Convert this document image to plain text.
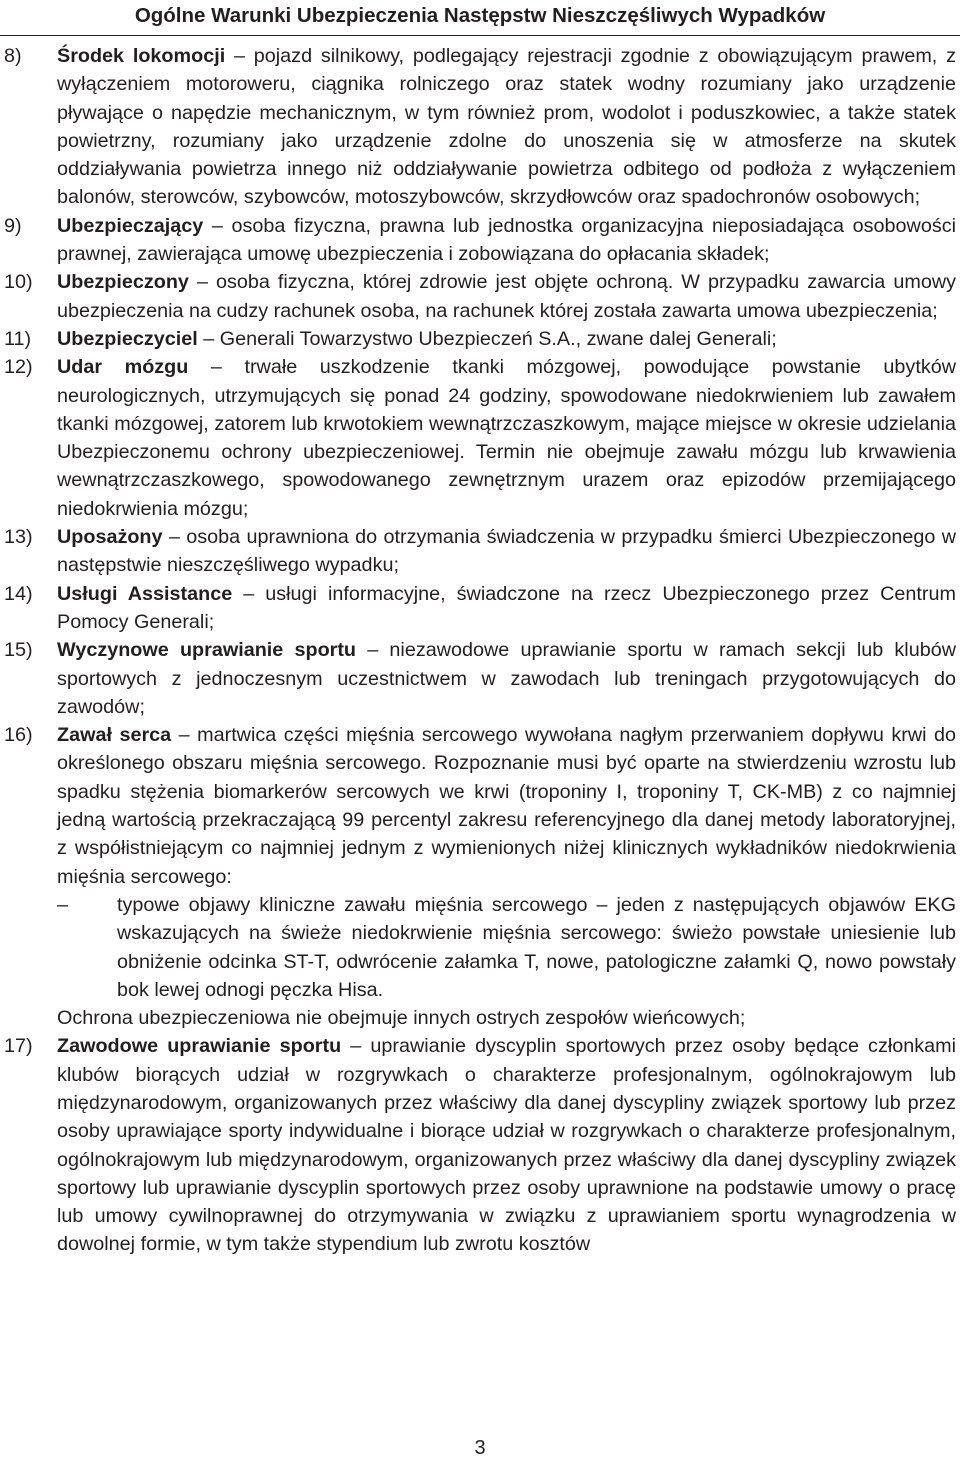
Ogólne Warunki Ubezpieczenia Następstw Nieszczęśliwych Wypadków
8) Środek lokomocji – pojazd silnikowy, podlegający rejestracji zgodnie z obowiązującym prawem, z wyłączeniem motoroweru, ciągnika rolniczego oraz statek wodny rozumiany jako urządzenie pływające o napędzie mechanicznym, w tym również prom, wodolot i poduszkowiec, a także statek powietrzny, rozumiany jako urządzenie zdolne do unoszenia się w atmosferze na skutek oddziaływania powietrza innego niż oddziaływanie powietrza odbitego od podłoża z wyłączeniem balonów, sterowców, szybowców, motoszybowców, skrzydłowców oraz spadochronów osobowych;
9) Ubezpieczający – osoba fizyczna, prawna lub jednostka organizacyjna nieposiadająca osobowości prawnej, zawierająca umowę ubezpieczenia i zobowiązana do opłacania składek;
10) Ubezpieczony – osoba fizyczna, której zdrowie jest objęte ochroną. W przypadku zawarcia umowy ubezpieczenia na cudzy rachunek osoba, na rachunek której została zawarta umowa ubezpieczenia;
11) Ubezpieczyciel – Generali Towarzystwo Ubezpieczeń S.A., zwane dalej Generali;
12) Udar mózgu – trwałe uszkodzenie tkanki mózgowej, powodujące powstanie ubytków neurologicznych, utrzymujących się ponad 24 godziny, spowodowane niedokrwieniem lub zawałem tkanki mózgowej, zatorem lub krwotokiem wewnątrzczaszkowym, mające miejsce w okresie udzielania Ubezpieczonemu ochrony ubezpieczeniowej. Termin nie obejmuje zawału mózgu lub krwawienia wewnątrzczaszkowego, spowodowanego zewnętrznym urazem oraz epizodów przemijającego niedokrwienia mózgu;
13) Uposażony – osoba uprawniona do otrzymania świadczenia w przypadku śmierci Ubezpieczonego w następstwie nieszczęśliwego wypadku;
14) Usługi Assistance – usługi informacyjne, świadczone na rzecz Ubezpieczonego przez Centrum Pomocy Generali;
15) Wyczynowe uprawianie sportu – niezawodowe uprawianie sportu w ramach sekcji lub klubów sportowych z jednoczesnym uczestnictwem w zawodach lub treningach przygotowujących do zawodów;
16) Zawał serca – martwica części mięśnia sercowego wywołana nagłym przerwaniem dopływu krwi do określonego obszaru mięśnia sercowego. Rozpoznanie musi być oparte na stwierdzeniu wzrostu lub spadku stężenia biomarkerów sercowych we krwi (troponiny I, troponiny T, CK-MB) z co najmniej jedną wartością przekraczającą 99 percentyl zakresu referencyjnego dla danej metody laboratoryjnej, z współistniejącym co najmniej jednym z wymienionych niżej klinicznych wykładników niedokrwienia mięśnia sercowego:
– typowe objawy kliniczne zawału mięśnia sercowego – jeden z następujących objawów EKG wskazujących na świeże niedokrwienie mięśnia sercowego: świeżo powstałe uniesienie lub obniżenie odcinka ST-T, odwrócenie załamka T, nowe, patologiczne załamki Q, nowo powstały bok lewej odnogi pęczka Hisa.
Ochrona ubezpieczeniowa nie obejmuje innych ostrych zespołów wieńcowych;
17) Zawodowe uprawianie sportu – uprawianie dyscyplin sportowych przez osoby będące członkami klubów biorących udział w rozgrywkach o charakterze profesjonalnym, ogólnokrajowym lub międzynarodowym, organizowanych przez właściwy dla danej dyscypliny związek sportowy lub przez osoby uprawiające sporty indywidualne i biorące udział w rozgrywkach o charakterze profesjonalnym, ogólnokrajowym lub międzynarodowym, organizowanych przez właściwy dla danej dyscypliny związek sportowy lub uprawianie dyscyplin sportowych przez osoby uprawnione na podstawie umowy o pracę lub umowy cywilnoprawnej do otrzymywania w związku z uprawianiem sportu wynagrodzenia w dowolnej formie, w tym także stypendium lub zwrotu kosztów
3
